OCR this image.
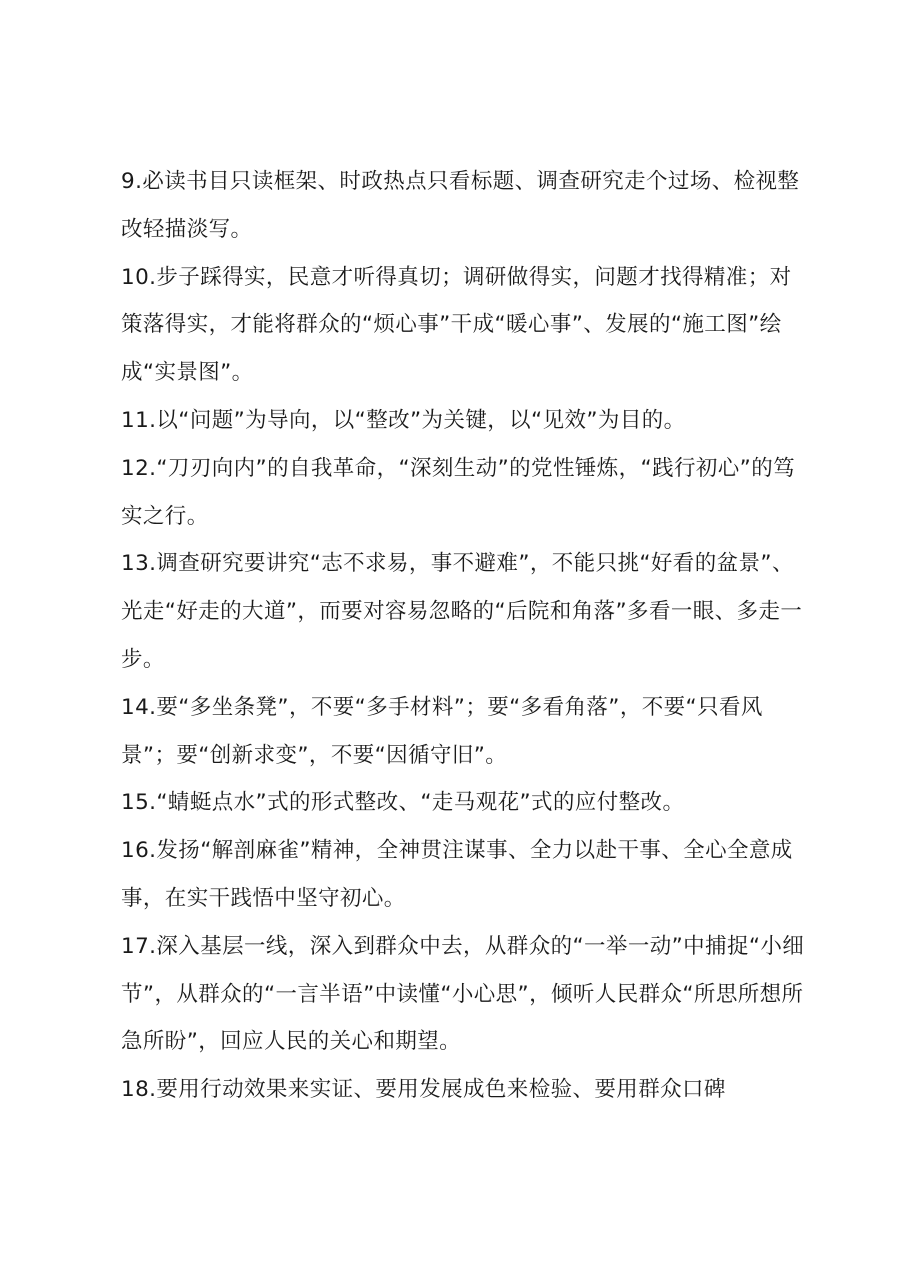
9.必读书目只读框架、时政热点只看标题、调查研究走个过场、检视整改轻描淡写。

10.步子踩得实，民意才听得真切；调研做得实，问题才找得精准；对策落得实，才能将群众的“烦心事”干成“暖心事”、发展的“施工图”绘成“实景图”。

11.以“问题”为导向，以“整改”为关键，以“见效”为目的。

12.“刀刃向内”的自我革命，“深刻生动”的党性锤炼，“践行初心”的笃实之行。

13.调查研究要讲究“志不求易，事不避难”，不能只挑“好看的盆景”、光走“好走的大道”，而要对容易忽略的“后院和角落”多看一眼、多走一步。

14.要“多坐条凳”，不要“多手材料”；要“多看角落”，不要“只看风景”；要“创新求变”，不要“因循守旧”。

15.“蜻蜓点水”式的形式整改、“走马观花”式的应付整改。

16.发扬“解剖麻雀”精神，全神贯注谋事、全力以赴干事、全心全意成事，在实干践悟中坚守初心。

17.深入基层一线，深入到群众中去，从群众的“一举一动”中捕捉“小细节”，从群众的“一言半语”中读懂“小心思”，倾听人民群众“所思所想所急所盼”，回应人民的关心和期望。

18.要用行动效果来实证、要用发展成色来检验、要用群众口碑
